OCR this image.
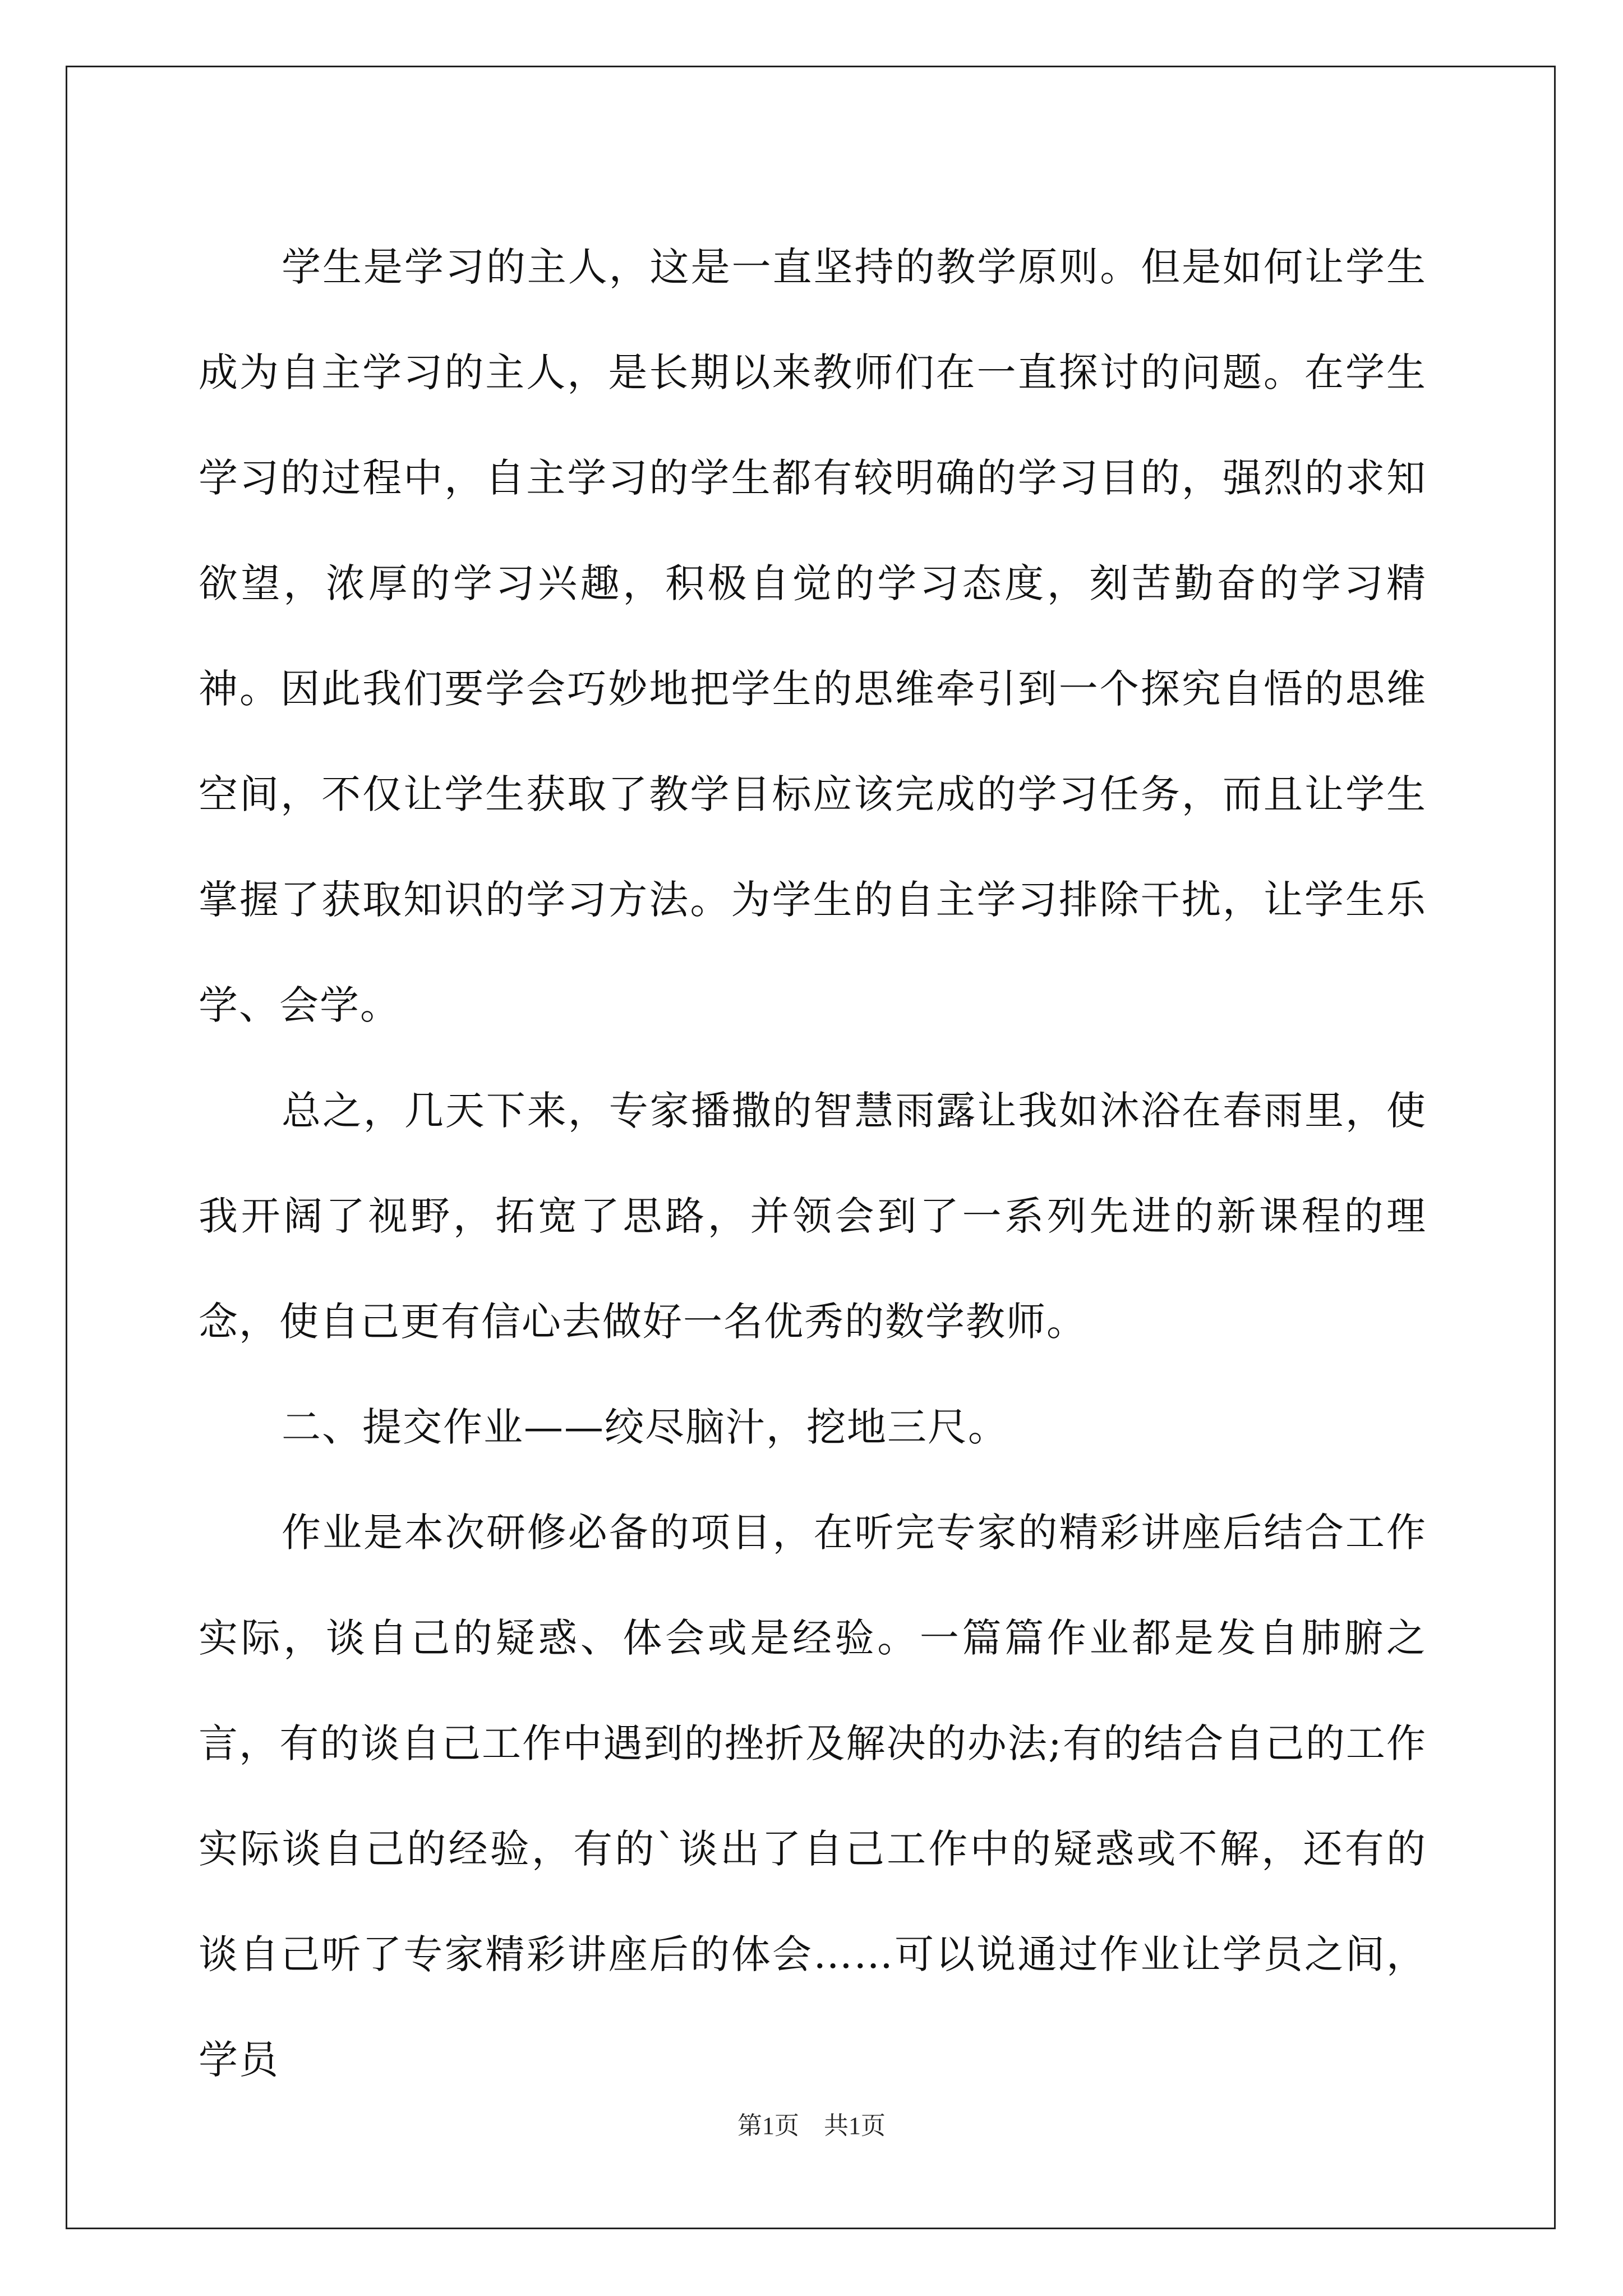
学生是学习的主人，这是一直坚持的教学原则。但是如何让学生成为自主学习的主人，是长期以来教师们在一直探讨的问题。在学生学习的过程中，自主学习的学生都有较明确的学习目的，强烈的求知欲望，浓厚的学习兴趣，积极自觉的学习态度，刻苦勤奋的学习精神。因此我们要学会巧妙地把学生的思维牵引到一个探究自悟的思维空间，不仅让学生获取了教学目标应该完成的学习任务，而且让学生掌握了获取知识的学习方法。为学生的自主学习排除干扰，让学生乐学、会学。

总之，几天下来，专家播撒的智慧雨露让我如沐浴在春雨里，使我开阔了视野，拓宽了思路，并领会到了一系列先进的新课程的理念，使自己更有信心去做好一名优秀的数学教师。

二、提交作业——绞尽脑汁，挖地三尺。

作业是本次研修必备的项目，在听完专家的精彩讲座后结合工作实际，谈自己的疑惑、体会或是经验。一篇篇作业都是发自肺腑之言，有的谈自己工作中遇到的挫折及解决的办法;有的结合自己的工作实际谈自己的经验，有的`谈出了自己工作中的疑惑或不解，还有的谈自己听了专家精彩讲座后的体会……可以说通过作业让学员之间，学员

第1页　共1页
